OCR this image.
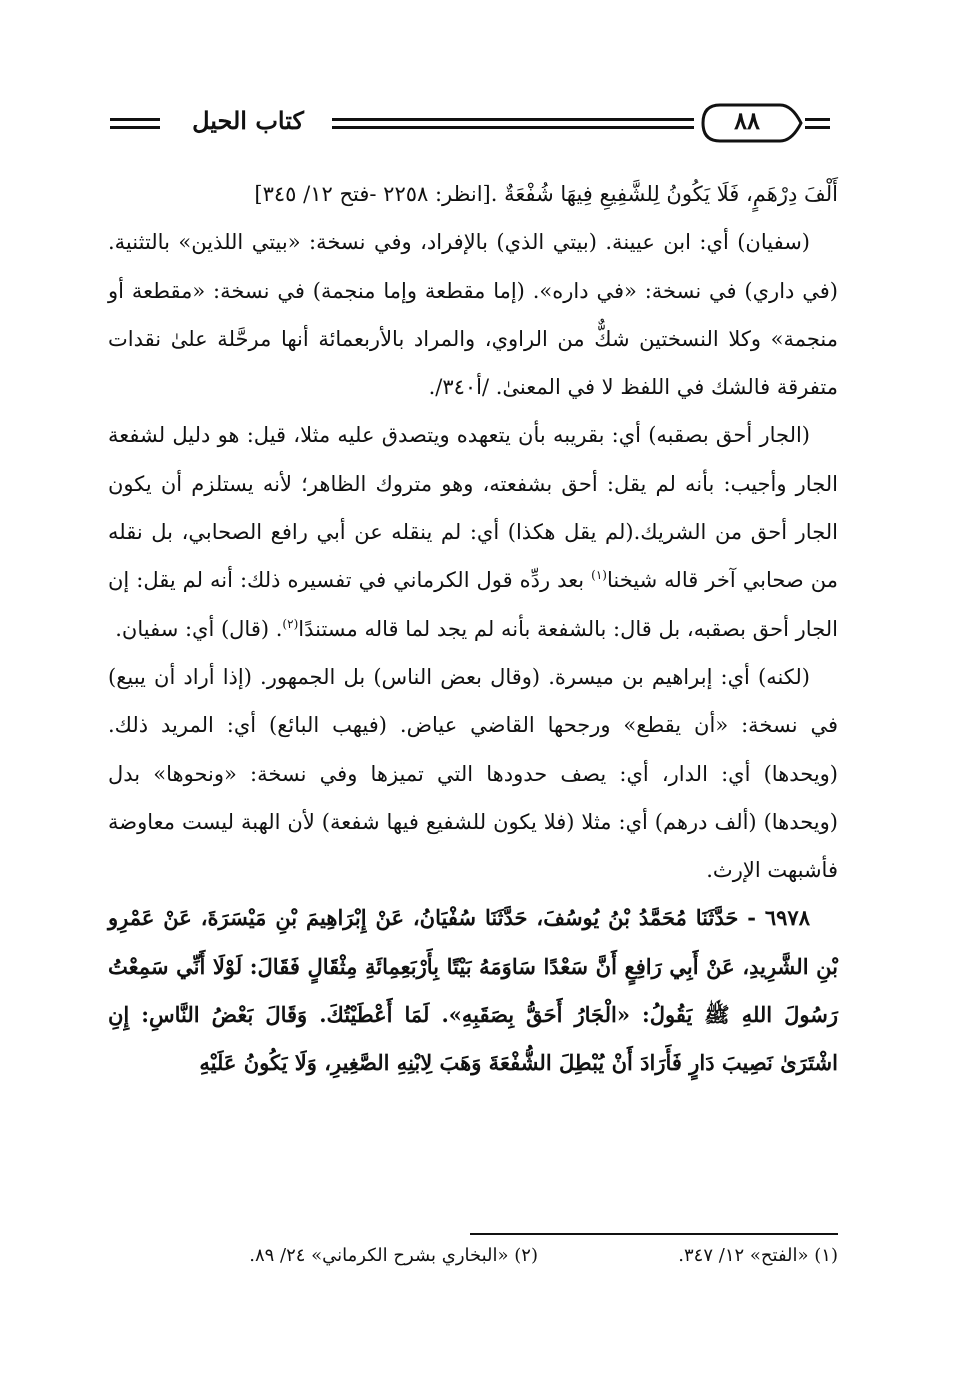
كتاب الحيل	٨٨

أَلْفَ دِرْهَمٍ، فَلَا يَكُونُ لِلشَّفِيعِ فِيهَا شُفْعَةٌ .[انظر: ٢٢٥٨ -فتح ١٢/ ٣٤٥]

(سفيان) أي: ابن عيينة. (بيتي الذي) بالإفراد، وفي نسخة: «بيتي اللذين» بالتثنية. (في داري) في نسخة: «في داره». (إما مقطعة وإما منجمة) في نسخة: «مقطعة أو منجمة» وكلا النسختين شكٌّ من الراوي، والمراد بالأربعمائة أنها مرحَّلة علىٰ نقدات متفرقة فالشك في اللفظ لا في المعنىٰ. /أ٣٤٠/.

(الجار أحق بصقبه) أي: بقريبه بأن يتعهده ويتصدق عليه مثلا، قيل: هو دليل لشفعة الجار وأجيب: بأنه لم يقل: أحق بشفعته، وهو متروك الظاهر؛ لأنه يستلزم أن يكون الجار أحق من الشريك.(لم يقل هكذا) أي: لم ينقله عن أبي رافع الصحابي، بل نقله من صحابي آخر قاله شيخنا$^{(١)}$ بعد ردِّه قول الكرماني في تفسيره ذلك: أنه لم يقل: إن الجار أحق بصقبه، بل قال: بالشفعة بأنه لم يجد لما قاله مستندًا$^{(٢)}$. (قال) أي: سفيان.

(لكنه) أي: إبراهيم بن ميسرة. (وقال بعض الناس) بل الجمهور. (إذا أراد أن يبيع) في نسخة: «أن يقطع» ورجحها القاضي عياض. (فيهب البائع) أي: المريد ذلك. (ويحدها) أي: الدار، أي: يصف حدودها التي تميزها وفي نسخة: «ونحوها» بدل (ويحدها) (ألف درهم) أي: مثلا (فلا يكون للشفيع فيها شفعة) لأن الهبة ليست معاوضة فأشبهت الإرث.

٦٩٧٨ - حَدَّثَنَا مُحَمَّدُ بْنُ يُوسُفَ، حَدَّثَنَا سُفْيَانُ، عَنْ إِبْرَاهِيمَ بْنِ مَيْسَرَةَ، عَنْ عَمْرِو بْنِ الشَّرِيدِ، عَنْ أَبِي رَافِعٍ أَنَّ سَعْدًا سَاوَمَهُ بَيْتًا بِأَرْبَعِمِائَةِ مِثْقَالٍ فَقَالَ: لَوْلَا أَنِّي سَمِعْتُ رَسُولَ اللهِ ﷺ يَقُولُ: «الْجَارُ أَحَقُّ بِصَقَبِهِ». لَمَا أَعْطَيْتُكَ. وَقَالَ بَعْضُ النَّاسِ: إِنِ اشْتَرَىٰ نَصِيبَ دَارٍ فَأَرَادَ أَنْ يُبْطِلَ الشُّفْعَةَ وَهَبَ لِابْنِهِ الصَّغِيرِ، وَلَا يَكُونُ عَلَيْهِ

(١) «الفتح» ١٢/ ٣٤٧.
(٢) «البخاري بشرح الكرماني» ٢٤/ ٨٩.
